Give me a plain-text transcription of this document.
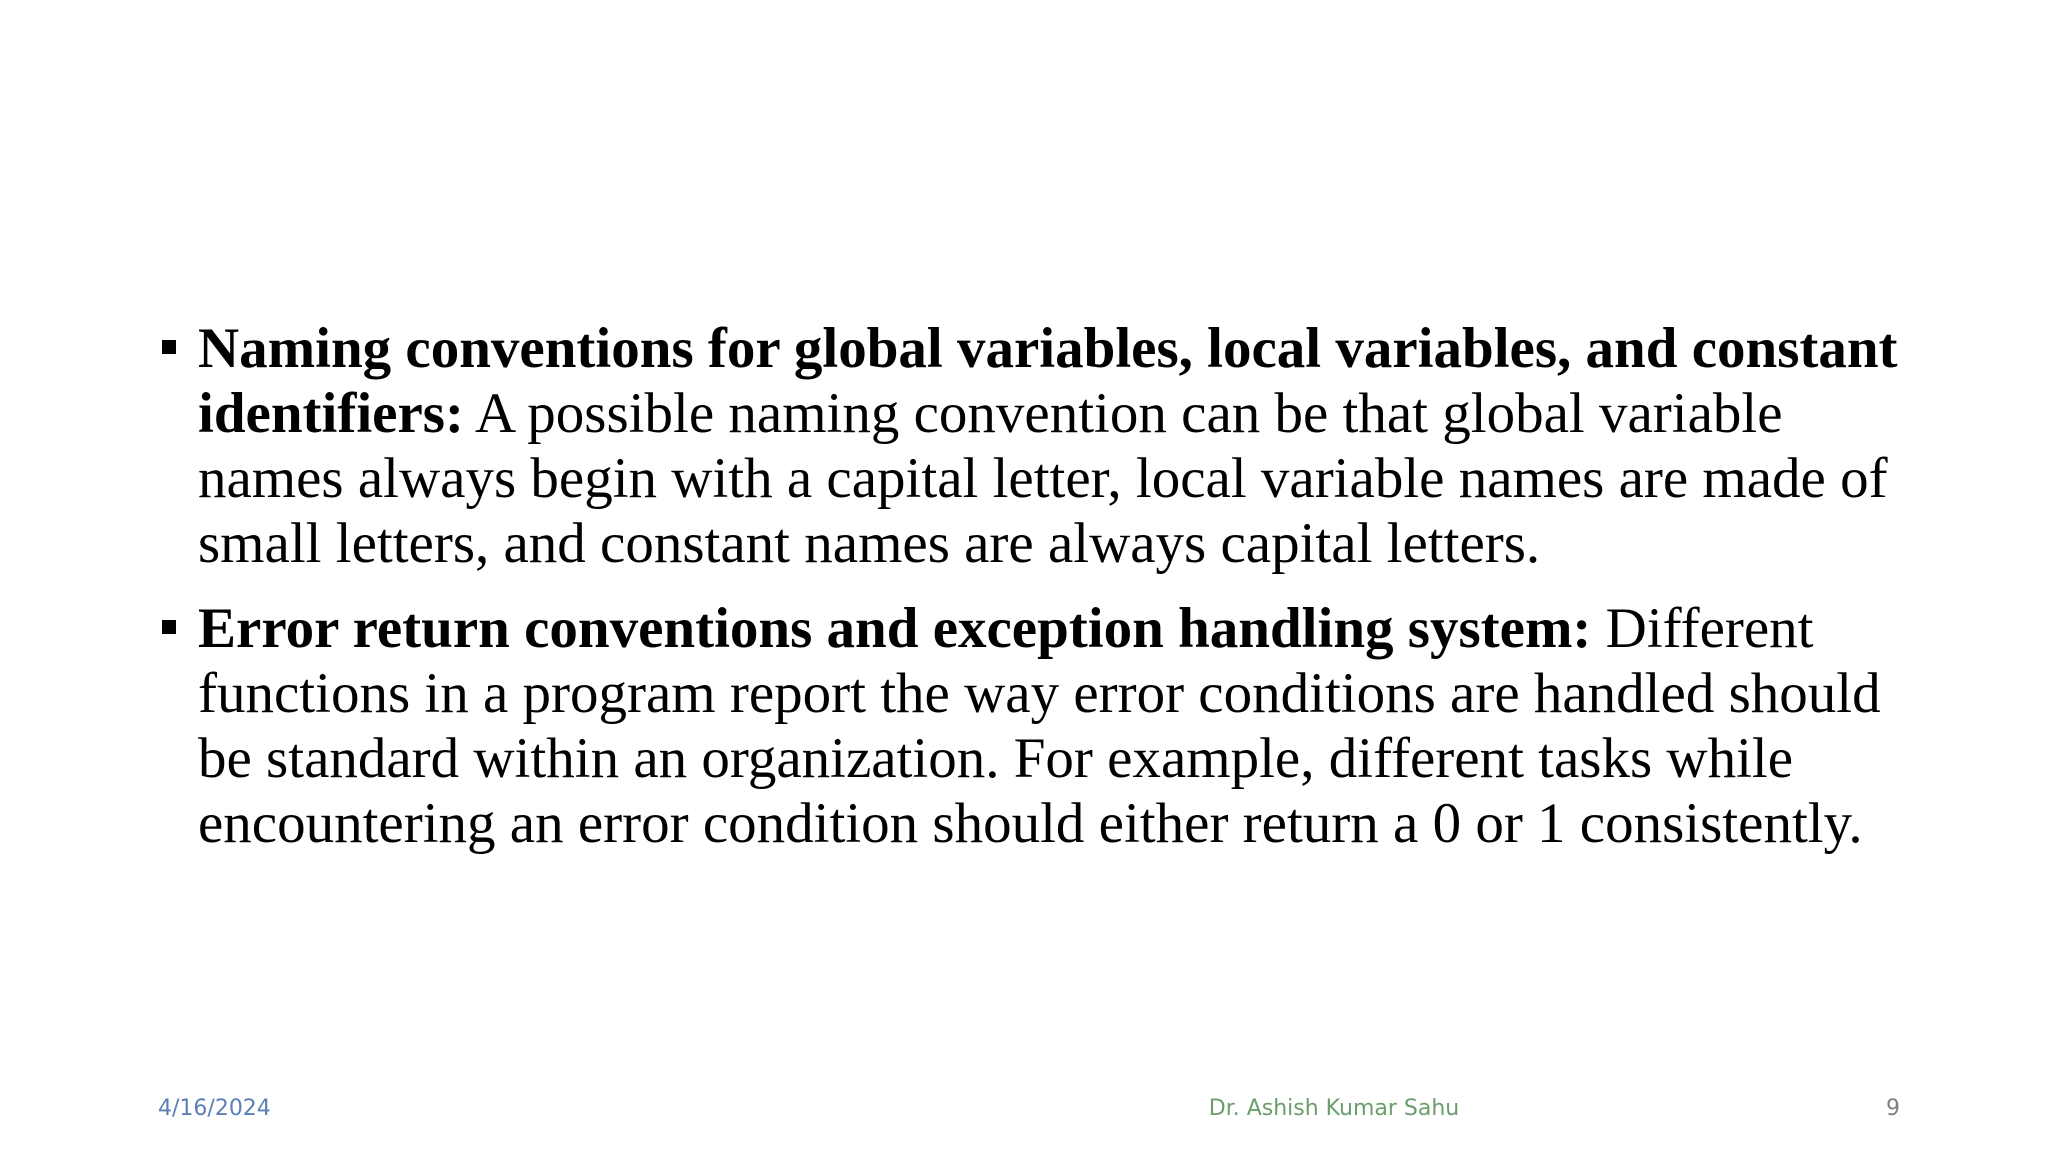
Naming conventions for global variables, local variables, and constant identifiers: A possible naming convention can be that global variable names always begin with a capital letter, local variable names are made of small letters, and constant names are always capital letters.
Error return conventions and exception handling system: Different functions in a program report the way error conditions are handled should be standard within an organization. For example, different tasks while encountering an error condition should either return a 0 or 1 consistently.
4/16/2024	Dr. Ashish Kumar Sahu	9
